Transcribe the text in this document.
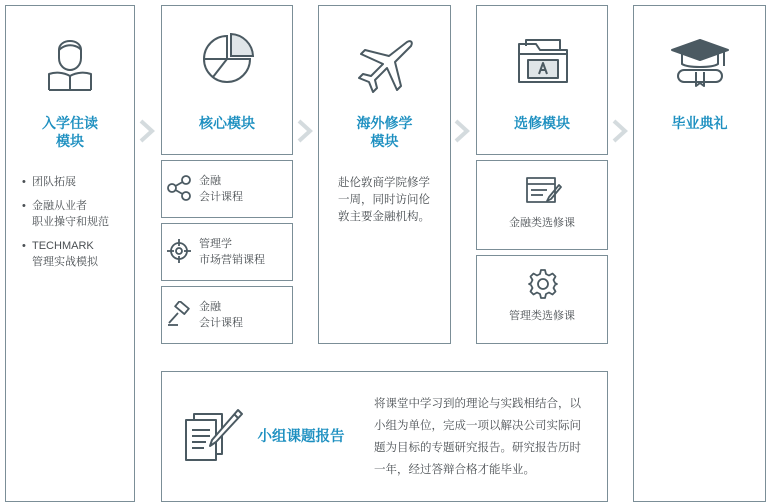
入学住读
模块
• 团队拓展
• 金融从业者
职业操守和规范
• TECHMARK
管理实战模拟
核心模块
金融
会计课程
管理学
市场营销课程
金融
会计课程
海外修学
模块
赴伦敦商学院修学
一周，同时访问伦
敦主要金融机构。
选修模块
金融类选修课
管理类选修课
毕业典礼
小组课题报告
将课堂中学习到的理论与实践相结合，以
小组为单位，完成一项以解决公司实际问
题为目标的专题研究报告。研究报告历时
一年，经过答辩合格才能毕业。
